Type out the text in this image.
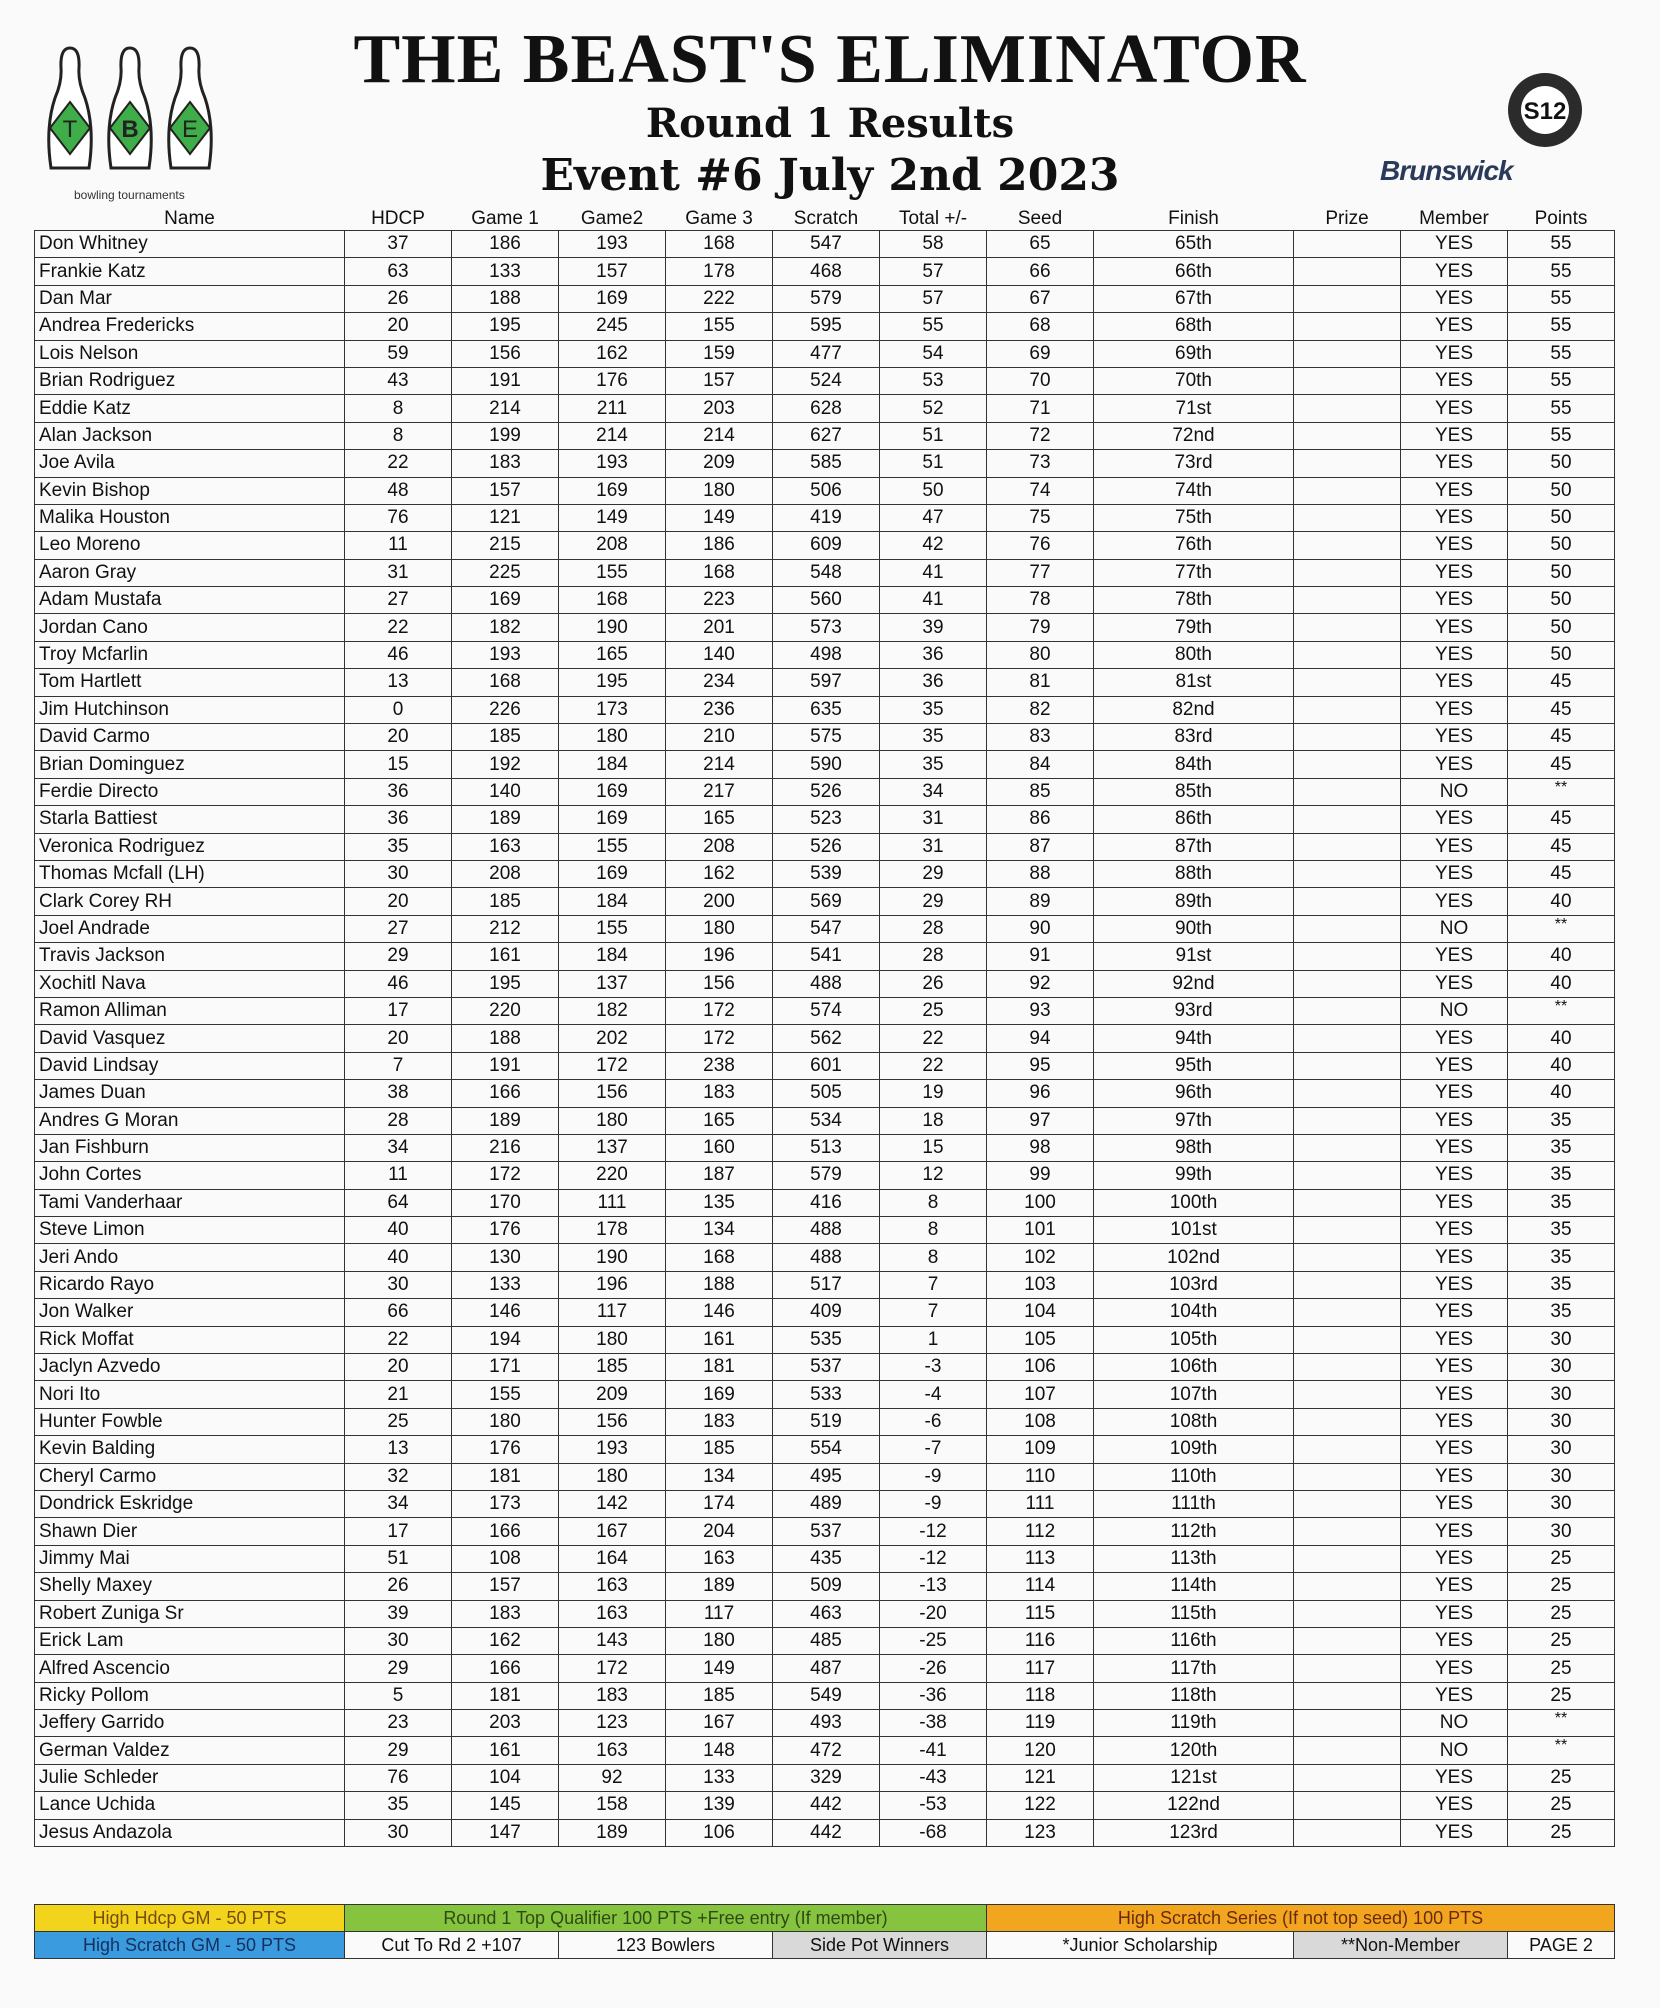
THE BEAST'S ELIMINATOR
Round 1 Results
Event #6 July 2nd 2023
T B E
bowling tournaments
S12
Brunswick
Name	HDCP	Game 1	Game2	Game 3	Scratch	Total +/-	Seed	Finish	Prize	Member	Points
Don Whitney	37	186	193	168	547	58	65	65th		YES	55
Frankie Katz	63	133	157	178	468	57	66	66th		YES	55
Dan Mar	26	188	169	222	579	57	67	67th		YES	55
Andrea Fredericks	20	195	245	155	595	55	68	68th		YES	55
Lois Nelson	59	156	162	159	477	54	69	69th		YES	55
Brian Rodriguez	43	191	176	157	524	53	70	70th		YES	55
Eddie Katz	8	214	211	203	628	52	71	71st		YES	55
Alan Jackson	8	199	214	214	627	51	72	72nd		YES	55
Joe Avila	22	183	193	209	585	51	73	73rd		YES	50
Kevin Bishop	48	157	169	180	506	50	74	74th		YES	50
Malika Houston	76	121	149	149	419	47	75	75th		YES	50
Leo Moreno	11	215	208	186	609	42	76	76th		YES	50
Aaron Gray	31	225	155	168	548	41	77	77th		YES	50
Adam Mustafa	27	169	168	223	560	41	78	78th		YES	50
Jordan Cano	22	182	190	201	573	39	79	79th		YES	50
Troy Mcfarlin	46	193	165	140	498	36	80	80th		YES	50
Tom Hartlett	13	168	195	234	597	36	81	81st		YES	45
Jim Hutchinson	0	226	173	236	635	35	82	82nd		YES	45
David Carmo	20	185	180	210	575	35	83	83rd		YES	45
Brian Dominguez	15	192	184	214	590	35	84	84th		YES	45
Ferdie Directo	36	140	169	217	526	34	85	85th		NO	**
Starla Battiest	36	189	169	165	523	31	86	86th		YES	45
Veronica Rodriguez	35	163	155	208	526	31	87	87th		YES	45
Thomas Mcfall (LH)	30	208	169	162	539	29	88	88th		YES	45
Clark Corey RH	20	185	184	200	569	29	89	89th		YES	40
Joel Andrade	27	212	155	180	547	28	90	90th		NO	**
Travis Jackson	29	161	184	196	541	28	91	91st		YES	40
Xochitl Nava	46	195	137	156	488	26	92	92nd		YES	40
Ramon Alliman	17	220	182	172	574	25	93	93rd		NO	**
David Vasquez	20	188	202	172	562	22	94	94th		YES	40
David Lindsay	7	191	172	238	601	22	95	95th		YES	40
James Duan	38	166	156	183	505	19	96	96th		YES	40
Andres G Moran	28	189	180	165	534	18	97	97th		YES	35
Jan Fishburn	34	216	137	160	513	15	98	98th		YES	35
John Cortes	11	172	220	187	579	12	99	99th		YES	35
Tami Vanderhaar	64	170	111	135	416	8	100	100th		YES	35
Steve Limon	40	176	178	134	488	8	101	101st		YES	35
Jeri Ando	40	130	190	168	488	8	102	102nd		YES	35
Ricardo Rayo	30	133	196	188	517	7	103	103rd		YES	35
Jon Walker	66	146	117	146	409	7	104	104th		YES	35
Rick Moffat	22	194	180	161	535	1	105	105th		YES	30
Jaclyn Azvedo	20	171	185	181	537	-3	106	106th		YES	30
Nori Ito	21	155	209	169	533	-4	107	107th		YES	30
Hunter Fowble	25	180	156	183	519	-6	108	108th		YES	30
Kevin Balding	13	176	193	185	554	-7	109	109th		YES	30
Cheryl Carmo	32	181	180	134	495	-9	110	110th		YES	30
Dondrick Eskridge	34	173	142	174	489	-9	111	111th		YES	30
Shawn Dier	17	166	167	204	537	-12	112	112th		YES	30
Jimmy Mai	51	108	164	163	435	-12	113	113th		YES	25
Shelly Maxey	26	157	163	189	509	-13	114	114th		YES	25
Robert Zuniga Sr	39	183	163	117	463	-20	115	115th		YES	25
Erick Lam	30	162	143	180	485	-25	116	116th		YES	25
Alfred Ascencio	29	166	172	149	487	-26	117	117th		YES	25
Ricky Pollom	5	181	183	185	549	-36	118	118th		YES	25
Jeffery Garrido	23	203	123	167	493	-38	119	119th		NO	**
German Valdez	29	161	163	148	472	-41	120	120th		NO	**
Julie Schleder	76	104	92	133	329	-43	121	121st		YES	25
Lance Uchida	35	145	158	139	442	-53	122	122nd		YES	25
Jesus Andazola	30	147	189	106	442	-68	123	123rd		YES	25
High Hdcp GM - 50 PTS	Round 1 Top Qualifier 100 PTS +Free entry (If member)			High Scratch Series (If not top seed) 100 PTS		
High Scratch GM - 50 PTS	Cut To Rd 2 +107	123 Bowlers	Side Pot Winners	*Junior Scholarship	**Non-Member	PAGE 2
